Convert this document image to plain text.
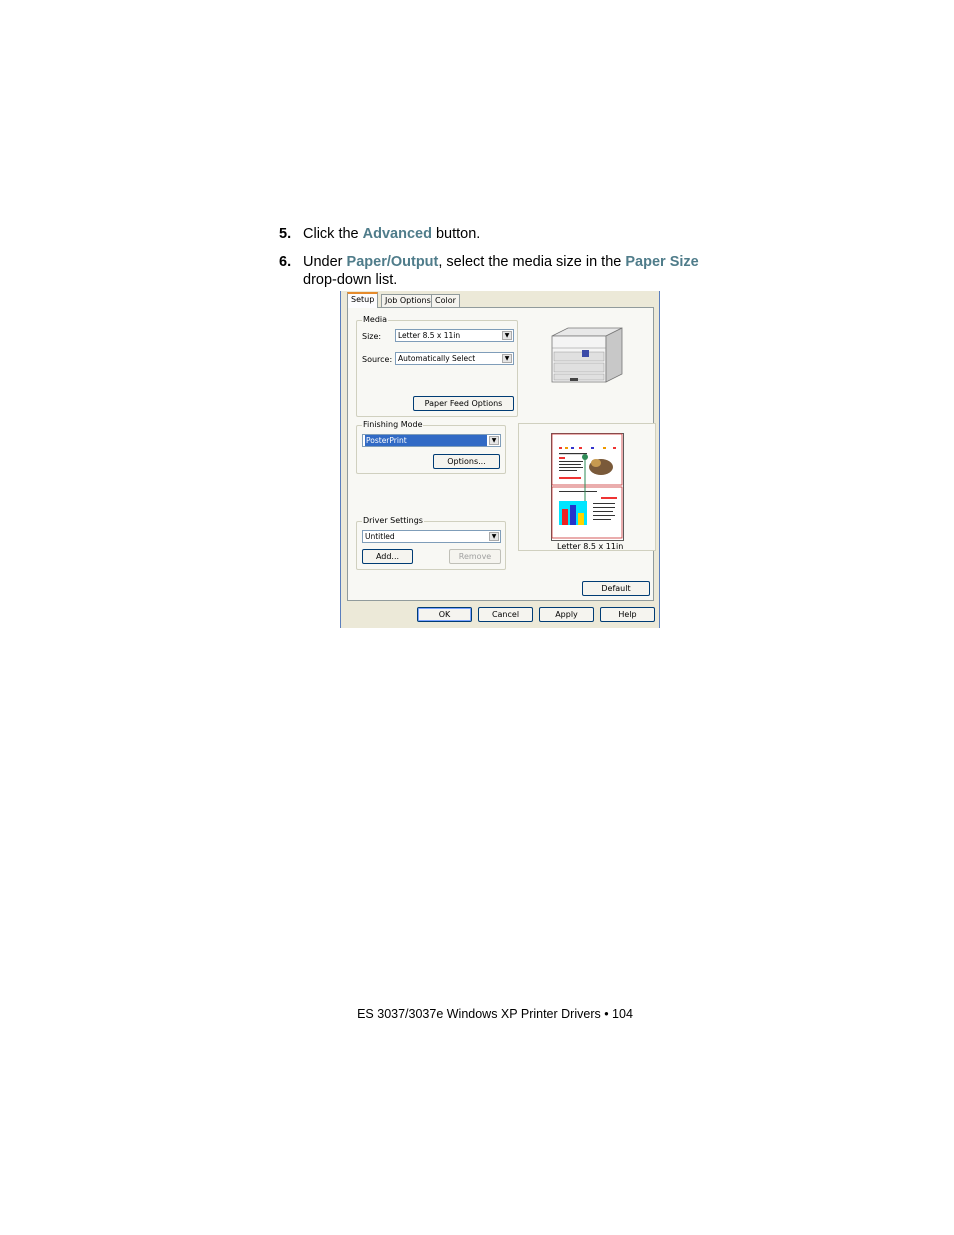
5. Click the Advanced button.
6. Under Paper/Output, select the media size in the Paper Size
drop-down list.
Setup	Job Options Color
Media
Size:	Letter 8.5 x 11in	▼
Source: Automatically Select	▼
Paper Feed Options
Finishing Mode
PosterPrint	▼
Options...
Letter 8.5 x 11in
Driver Settings
Untitled	▼
Add...	Remove
Default
OK	Cancel	Apply	Help
ES 3037/3037e Windows XP Printer Drivers • 104
